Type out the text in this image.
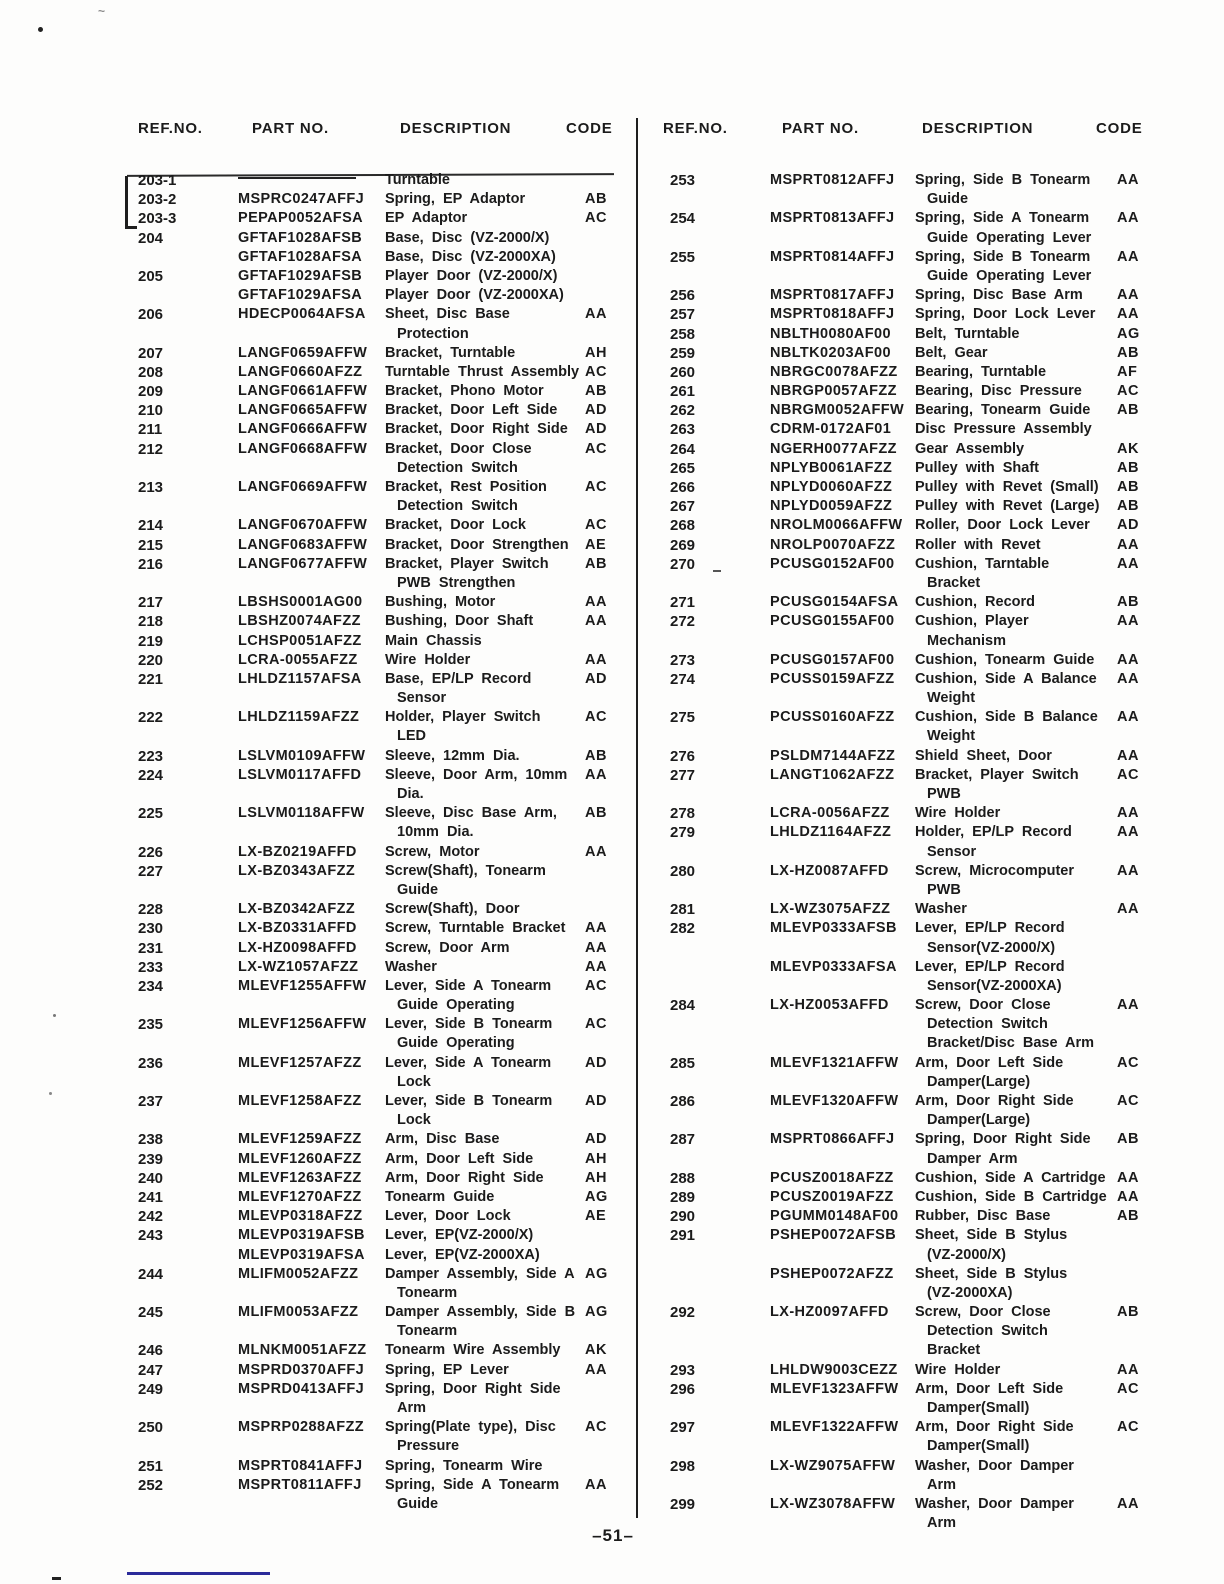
~
REF.NO.	PART NO.	DESCRIPTION	CODE	REF.NO.	PART NO.	DESCRIPTION	CODE
203-1	Turntable
203-2	MSPRC0247AFFJ	Spring, EP Adaptor	AB
203-3	PEPAP0052AFSA	EP Adaptor	AC
204	GFTAF1028AFSB	Base, Disc (VZ-2000/X)
GFTAF1028AFSA	Base, Disc (VZ-2000XA)
205	GFTAF1029AFSB	Player Door (VZ-2000/X)
GFTAF1029AFSA	Player Door (VZ-2000XA)
206	HDECP0064AFSA	Sheet, Disc Base	AA
Protection
207	LANGF0659AFFW	Bracket, Turntable	AH
208	LANGF0660AFZZ	Turntable Thrust Assembly AC
209	LANGF0661AFFW	Bracket, Phono Motor	AB
210	LANGF0665AFFW	Bracket, Door Left Side	AD
211	LANGF0666AFFW	Bracket, Door Right Side	AD
212	LANGF0668AFFW	Bracket, Door Close	AC
Detection Switch
213	LANGF0669AFFW	Bracket, Rest Position	AC
Detection Switch
214	LANGF0670AFFW	Bracket, Door Lock	AC
215	LANGF0683AFFW	Bracket, Door Strengthen	AE
216	LANGF0677AFFW	Bracket, Player Switch	AB
PWB Strengthen
217	LBSHS0001AG00	Bushing, Motor	AA
218	LBSHZ0074AFZZ	Bushing, Door Shaft	AA
219	LCHSP0051AFZZ	Main Chassis
220	LCRA-0055AFZZ	Wire Holder	AA
221	LHLDZ1157AFSA	Base, EP/LP Record	AD
Sensor
222	LHLDZ1159AFZZ	Holder, Player Switch	AC
LED
223	LSLVM0109AFFW	Sleeve, 12mm Dia.	AB
224	LSLVM0117AFFD	Sleeve, Door Arm, 10mm	AA
Dia.
225	LSLVM0118AFFW	Sleeve, Disc Base Arm,	AB
10mm Dia.
226	LX-BZ0219AFFD	Screw, Motor	AA
227	LX-BZ0343AFZZ	Screw(Shaft), Tonearm
Guide
228	LX-BZ0342AFZZ	Screw(Shaft), Door
230	LX-BZ0331AFFD	Screw, Turntable Bracket	AA
231	LX-HZ0098AFFD	Screw, Door Arm	AA
233	LX-WZ1057AFZZ	Washer	AA
234	MLEVF1255AFFW	Lever, Side A Tonearm	AC
Guide Operating
235	MLEVF1256AFFW	Lever, Side B Tonearm	AC
Guide Operating
236	MLEVF1257AFZZ	Lever, Side A Tonearm	AD
Lock
237	MLEVF1258AFZZ	Lever, Side B Tonearm	AD
Lock
238	MLEVF1259AFZZ	Arm, Disc Base	AD
239	MLEVF1260AFZZ	Arm, Door Left Side	AH
240	MLEVF1263AFZZ	Arm, Door Right Side	AH
241	MLEVF1270AFZZ	Tonearm Guide	AG
242	MLEVP0318AFZZ	Lever, Door Lock	AE
243	MLEVP0319AFSB	Lever, EP(VZ-2000/X)
MLEVP0319AFSA	Lever, EP(VZ-2000XA)
244	MLIFM0052AFZZ	Damper Assembly, Side A AG
Tonearm
245	MLIFM0053AFZZ	Damper Assembly, Side B AG
Tonearm
246	MLNKM0051AFZZ	Tonearm Wire Assembly	AK
247	MSPRD0370AFFJ	Spring, EP Lever	AA
249	MSPRD0413AFFJ	Spring, Door Right Side
Arm
250	MSPRP0288AFZZ	Spring(Plate type), Disc	AC
Pressure
251	MSPRT0841AFFJ	Spring, Tonearm Wire
252	MSPRT0811AFFJ	Spring, Side A Tonearm	AA
Guide
253	MSPRT0812AFFJ	Spring, Side B Tonearm	AA
Guide
254	MSPRT0813AFFJ	Spring, Side A Tonearm	AA
Guide Operating Lever
255	MSPRT0814AFFJ	Spring, Side B Tonearm	AA
Guide Operating Lever
256	MSPRT0817AFFJ	Spring, Disc Base Arm	AA
257	MSPRT0818AFFJ	Spring, Door Lock Lever	AA
258	NBLTH0080AF00	Belt, Turntable	AG
259	NBLTK0203AF00	Belt, Gear	AB
260	NBRGC0078AFZZ	Bearing, Turntable	AF
261	NBRGP0057AFZZ	Bearing, Disc Pressure	AC
262	NBRGM0052AFFW Bearing, Tonearm Guide	AB
263	CDRM-0172AF01	Disc Pressure Assembly
264	NGERH0077AFZZ	Gear Assembly	AK
265	NPLYB0061AFZZ	Pulley with Shaft	AB
266	NPLYD0060AFZZ	Pulley with Revet (Small)	AB
267	NPLYD0059AFZZ	Pulley with Revet (Large)	AB
268	NROLM0066AFFW Roller, Door Lock Lever	AD
269	NROLP0070AFZZ	Roller with Revet	AA
270	PCUSG0152AF00	Cushion, Tarntable	AA
Bracket
271	PCUSG0154AFSA	Cushion, Record	AB
272	PCUSG0155AF00	Cushion, Player	AA
Mechanism
273	PCUSG0157AF00	Cushion, Tonearm Guide	AA
274	PCUSS0159AFZZ	Cushion, Side A Balance	AA
Weight
275	PCUSS0160AFZZ	Cushion, Side B Balance	AA
Weight
276	PSLDM7144AFZZ	Shield Sheet, Door	AA
277	LANGT1062AFZZ	Bracket, Player Switch	AC
PWB
278	LCRA-0056AFZZ	Wire Holder	AA
279	LHLDZ1164AFZZ	Holder, EP/LP Record	AA
Sensor
280	LX-HZ0087AFFD	Screw, Microcomputer	AA
PWB
281	LX-WZ3075AFZZ	Washer	AA
282	MLEVP0333AFSB	Lever, EP/LP Record
Sensor(VZ-2000/X)
MLEVP0333AFSA	Lever, EP/LP Record
Sensor(VZ-2000XA)
284	LX-HZ0053AFFD	Screw, Door Close	AA
Detection Switch
Bracket/Disc Base Arm
285	MLEVF1321AFFW	Arm, Door Left Side	AC
Damper(Large)
286	MLEVF1320AFFW	Arm, Door Right Side	AC
Damper(Large)
287	MSPRT0866AFFJ	Spring, Door Right Side	AB
Damper Arm
288	PCUSZ0018AFZZ	Cushion, Side A Cartridge AA
289	PCUSZ0019AFZZ	Cushion, Side B Cartridge AA
290	PGUMM0148AF00	Rubber, Disc Base	AB
291	PSHEP0072AFSB	Sheet, Side B Stylus
(VZ-2000/X)
PSHEP0072AFZZ	Sheet, Side B Stylus
(VZ-2000XA)
292	LX-HZ0097AFFD	Screw, Door Close	AB
Detection Switch
Bracket
293	LHLDW9003CEZZ	Wire Holder	AA
296	MLEVF1323AFFW	Arm, Door Left Side	AC
Damper(Small)
297	MLEVF1322AFFW	Arm, Door Right Side	AC
Damper(Small)
298	LX-WZ9075AFFW	Washer, Door Damper
Arm
299	LX-WZ3078AFFW	Washer, Door Damper	AA
Arm
–51–
